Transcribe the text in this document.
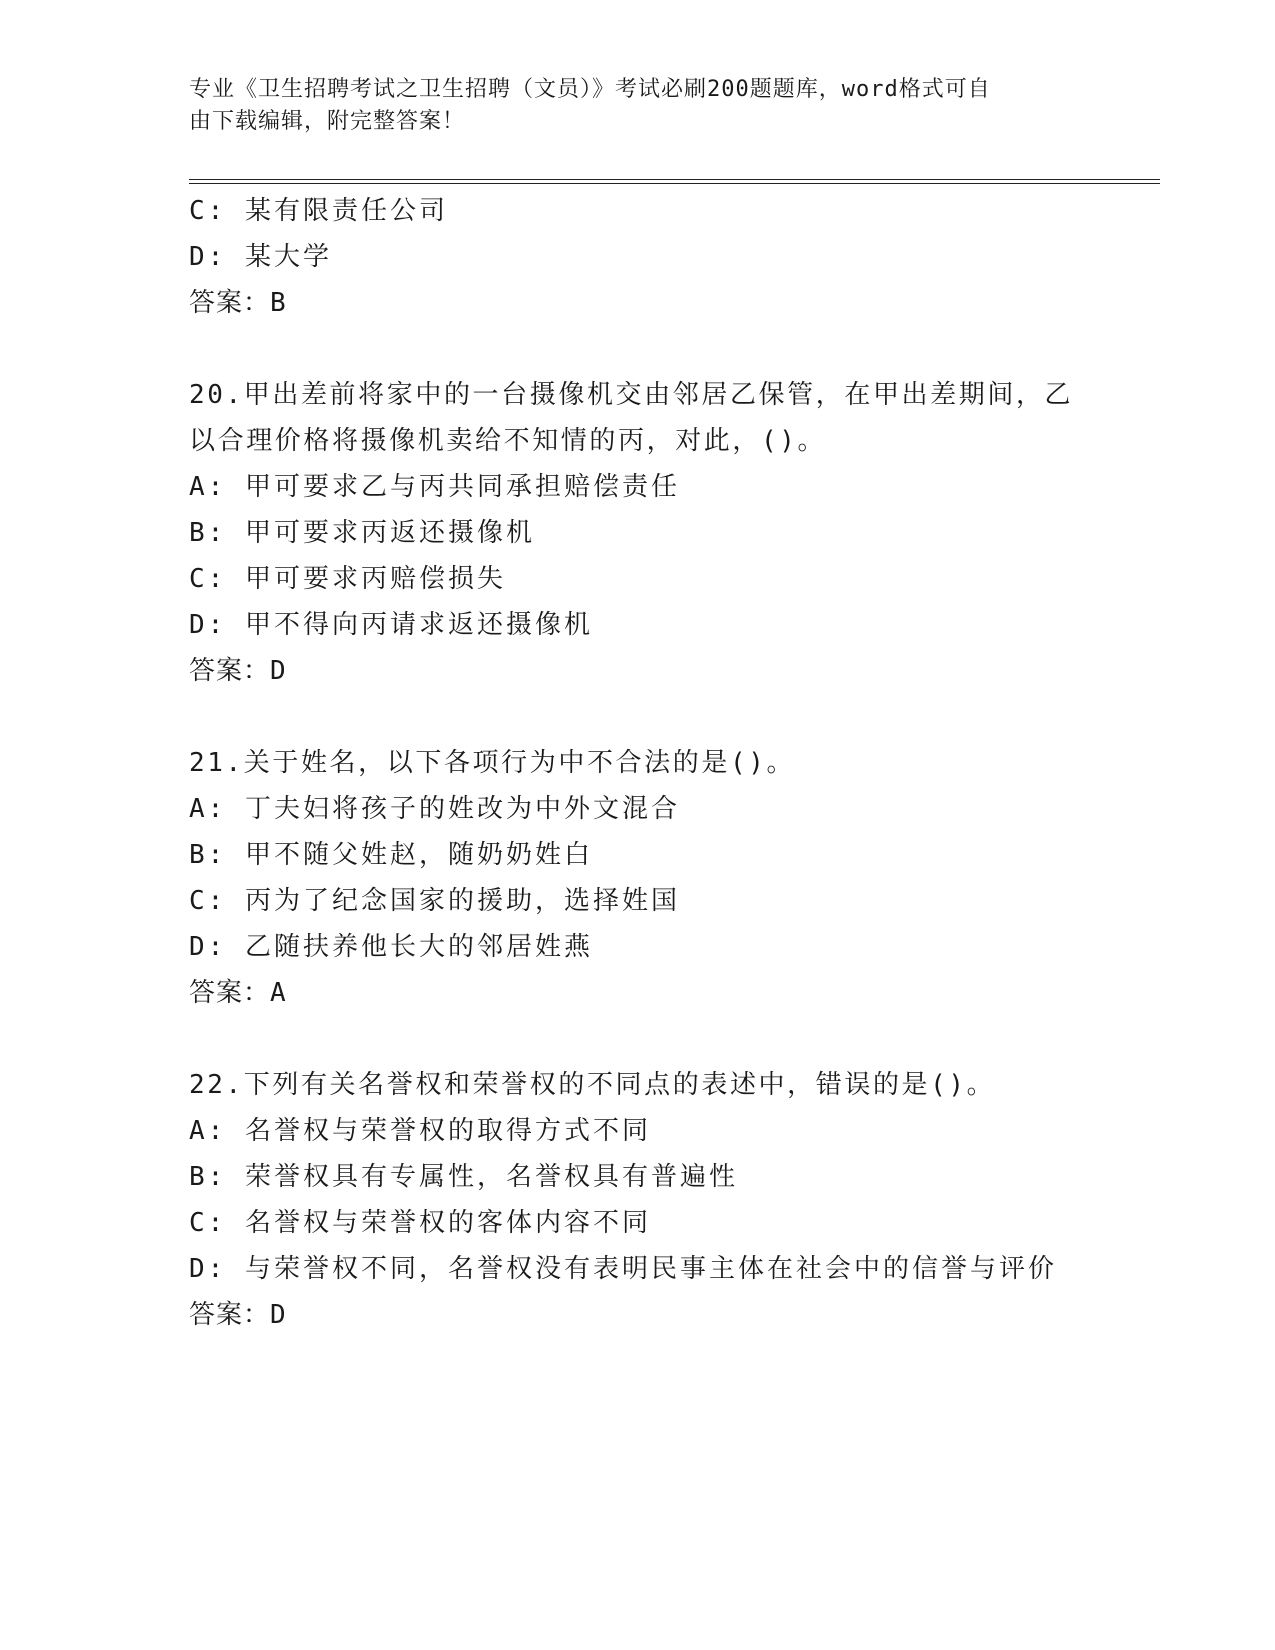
专业《卫生招聘考试之卫生招聘（文员）》考试必刷200题题库，word格式可自
由下载编辑，附完整答案！
C: 某有限责任公司
D: 某大学
答案：B
20.甲出差前将家中的一台摄像机交由邻居乙保管，在甲出差期间，乙
以合理价格将摄像机卖给不知情的丙，对此，()。
A: 甲可要求乙与丙共同承担赔偿责任
B: 甲可要求丙返还摄像机
C: 甲可要求丙赔偿损失
D: 甲不得向丙请求返还摄像机
答案：D
21.关于姓名，以下各项行为中不合法的是()。
A: 丁夫妇将孩子的姓改为中外文混合
B: 甲不随父姓赵，随奶奶姓白
C: 丙为了纪念国家的援助，选择姓国
D: 乙随扶养他长大的邻居姓燕
答案：A
22.下列有关名誉权和荣誉权的不同点的表述中，错误的是()。
A: 名誉权与荣誉权的取得方式不同
B: 荣誉权具有专属性，名誉权具有普遍性
C: 名誉权与荣誉权的客体内容不同
D: 与荣誉权不同，名誉权没有表明民事主体在社会中的信誉与评价
答案：D
